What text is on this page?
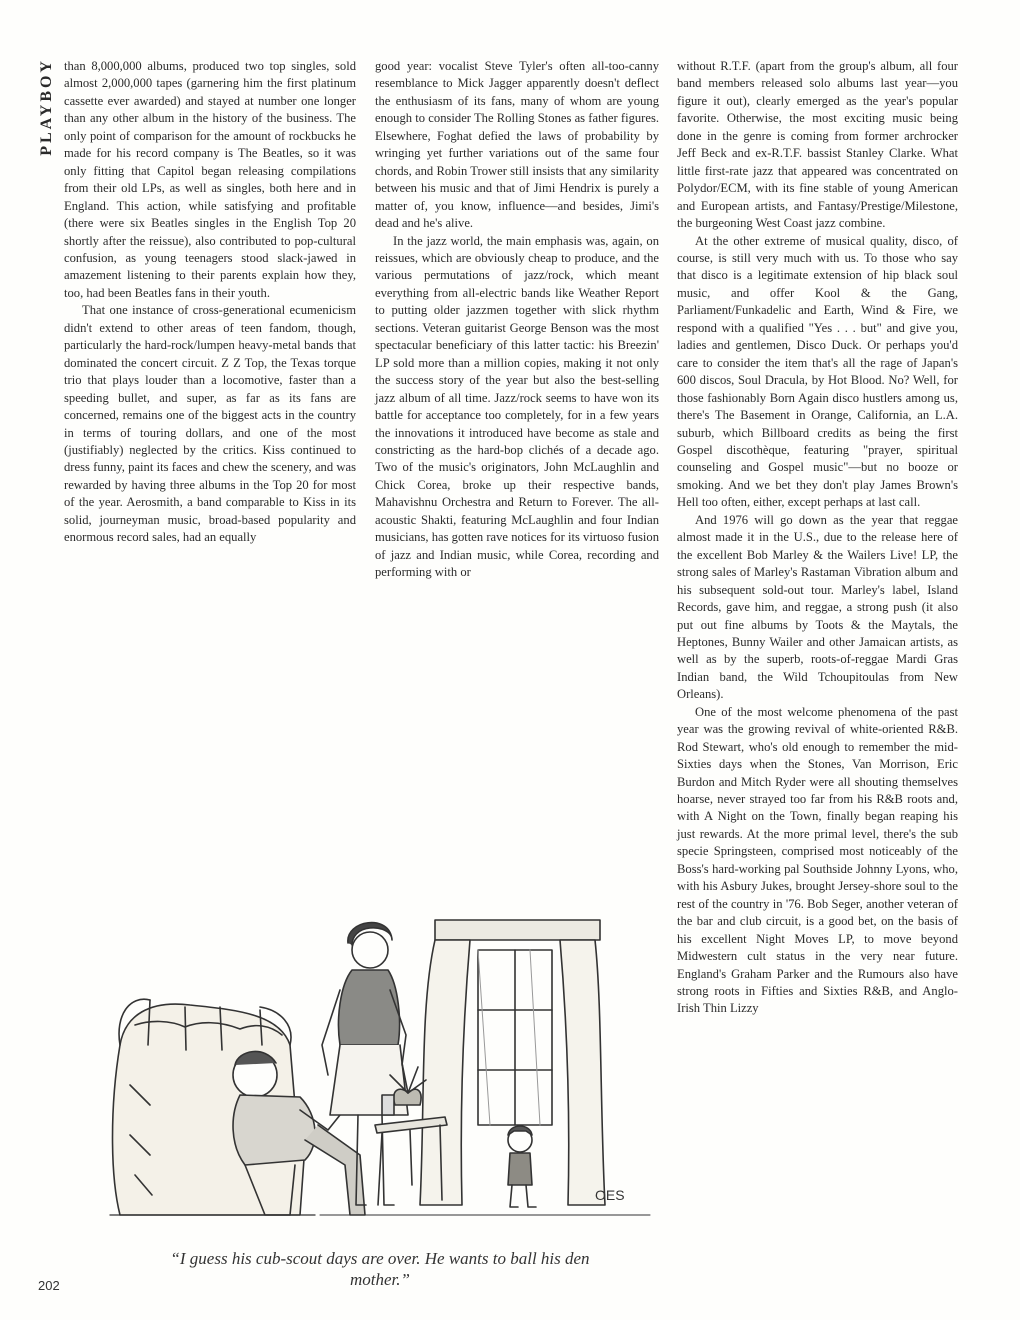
PLAYBOY than 8,000,000 albums, produced two top singles, sold almost 2,000,000 tapes (garnering him the first platinum cassette ever awarded) and stayed at number one longer than any other album in the history of the business. The only point of comparison for the amount of rockbucks he made for his record company is The Beatles, so it was only fitting that Capitol began releasing compilations from their old LPs, as well as singles, both here and in England. This action, while satisfying and profitable (there were six Beatles singles in the English Top 20 shortly after the reissue), also contributed to pop-cultural confusion, as young teenagers stood slack-jawed in amazement listening to their parents explain how they, too, had been Beatles fans in their youth.

That one instance of cross-generational ecumenicism didn't extend to other areas of teen fandom, though, particularly the hard-rock/lumpen heavy-metal bands that dominated the concert circuit. Z Z Top, the Texas torque trio that plays louder than a locomotive, faster than a speeding bullet, and super, as far as its fans are concerned, remains one of the biggest acts in the country in terms of touring dollars, and one of the most (justifiably) neglected by the critics. Kiss continued to dress funny, paint its faces and chew the scenery, and was rewarded by having three albums in the Top 20 for most of the year. Aerosmith, a band comparable to Kiss in its solid, journeyman music, broad-based popularity and enormous record sales, had an equally

good year: vocalist Steve Tyler's often all-too-canny resemblance to Mick Jagger apparently doesn't deflect the enthusiasm of its fans, many of whom are young enough to consider The Rolling Stones as father figures. Elsewhere, Foghat defied the laws of probability by wringing yet further variations out of the same four chords, and Robin Trower still insists that any similarity between his music and that of Jimi Hendrix is purely a matter of, you know, influence—and besides, Jimi's dead and he's alive.

In the jazz world, the main emphasis was, again, on reissues, which are obviously cheap to produce, and the various permutations of jazz/rock, which meant everything from all-electric bands like Weather Report to putting older jazzmen together with slick rhythm sections. Veteran guitarist George Benson was the most spectacular beneficiary of this latter tactic: his Breezin' LP sold more than a million copies, making it not only the success story of the year but also the best-selling jazz album of all time. Jazz/rock seems to have won its battle for acceptance too completely, for in a few years the innovations it introduced have become as stale and constricting as the hard-bop clichés of a decade ago. Two of the music's originators, John McLaughlin and Chick Corea, broke up their respective bands, Mahavishnu Orchestra and Return to Forever. The all-acoustic Shakti, featuring McLaughlin and four Indian musicians, has gotten rave notices for its virtuoso fusion of jazz and Indian music, while Corea, recording and performing with or

without R.T.F. (apart from the group's album, all four band members released solo albums last year—you figure it out), clearly emerged as the year's popular favorite. Otherwise, the most exciting music being done in the genre is coming from former archrocker Jeff Beck and ex-R.T.F. bassist Stanley Clarke. What little first-rate jazz that appeared was concentrated on Polydor/ECM, with its fine stable of young American and European artists, and Fantasy/Prestige/Milestone, the burgeoning West Coast jazz combine.

At the other extreme of musical quality, disco, of course, is still very much with us. To those who say that disco is a legitimate extension of hip black soul music, and offer Kool & the Gang, Parliament/Funkadelic and Earth, Wind & Fire, we respond with a qualified "Yes . . . but" and give you, ladies and gentlemen, Disco Duck. Or perhaps you'd care to consider the item that's all the rage of Japan's 600 discos, Soul Dracula, by Hot Blood. No? Well, for those fashionably Born Again disco hustlers among us, there's The Basement in Orange, California, an L.A. suburb, which Billboard credits as being the first Gospel discothèque, featuring "prayer, spiritual counseling and Gospel music"—but no booze or smoking. And we bet they don't play James Brown's Hell too often, either, except perhaps at last call.

And 1976 will go down as the year that reggae almost made it in the U.S., due to the release here of the excellent Bob Marley & the Wailers Live! LP, the strong sales of Marley's Rastaman Vibration album and his subsequent sold-out tour. Marley's label, Island Records, gave him, and reggae, a strong push (it also put out fine albums by Toots & the Maytals, the Heptones, Bunny Wailer and other Jamaican artists, as well as by the superb, roots-of-reggae Mardi Gras Indian band, the Wild Tchoupitoulas from New Orleans).

One of the most welcome phenomena of the past year was the growing revival of white-oriented R&B. Rod Stewart, who's old enough to remember the mid-Sixties days when the Stones, Van Morrison, Eric Burdon and Mitch Ryder were all shouting themselves hoarse, never strayed too far from his R&B roots and, with A Night on the Town, finally began reaping his just rewards. At the more primal level, there's the sub specie Springsteen, comprised most noticeably of the Boss's hard-working pal Southside Johnny Lyons, who, with his Asbury Jukes, brought Jersey-shore soul to the rest of the country in '76. Bob Seger, another veteran of the bar and club circuit, is a good bet, on the basis of his excellent Night Moves LP, to move beyond Midwestern cult status in the very near future. England's Graham Parker and the Rumours also have strong roots in Fifties and Sixties R&B, and Anglo-Irish Thin Lizzy

OES
“I guess his cub-scout days are over. He wants to ball his den mother.”
202
